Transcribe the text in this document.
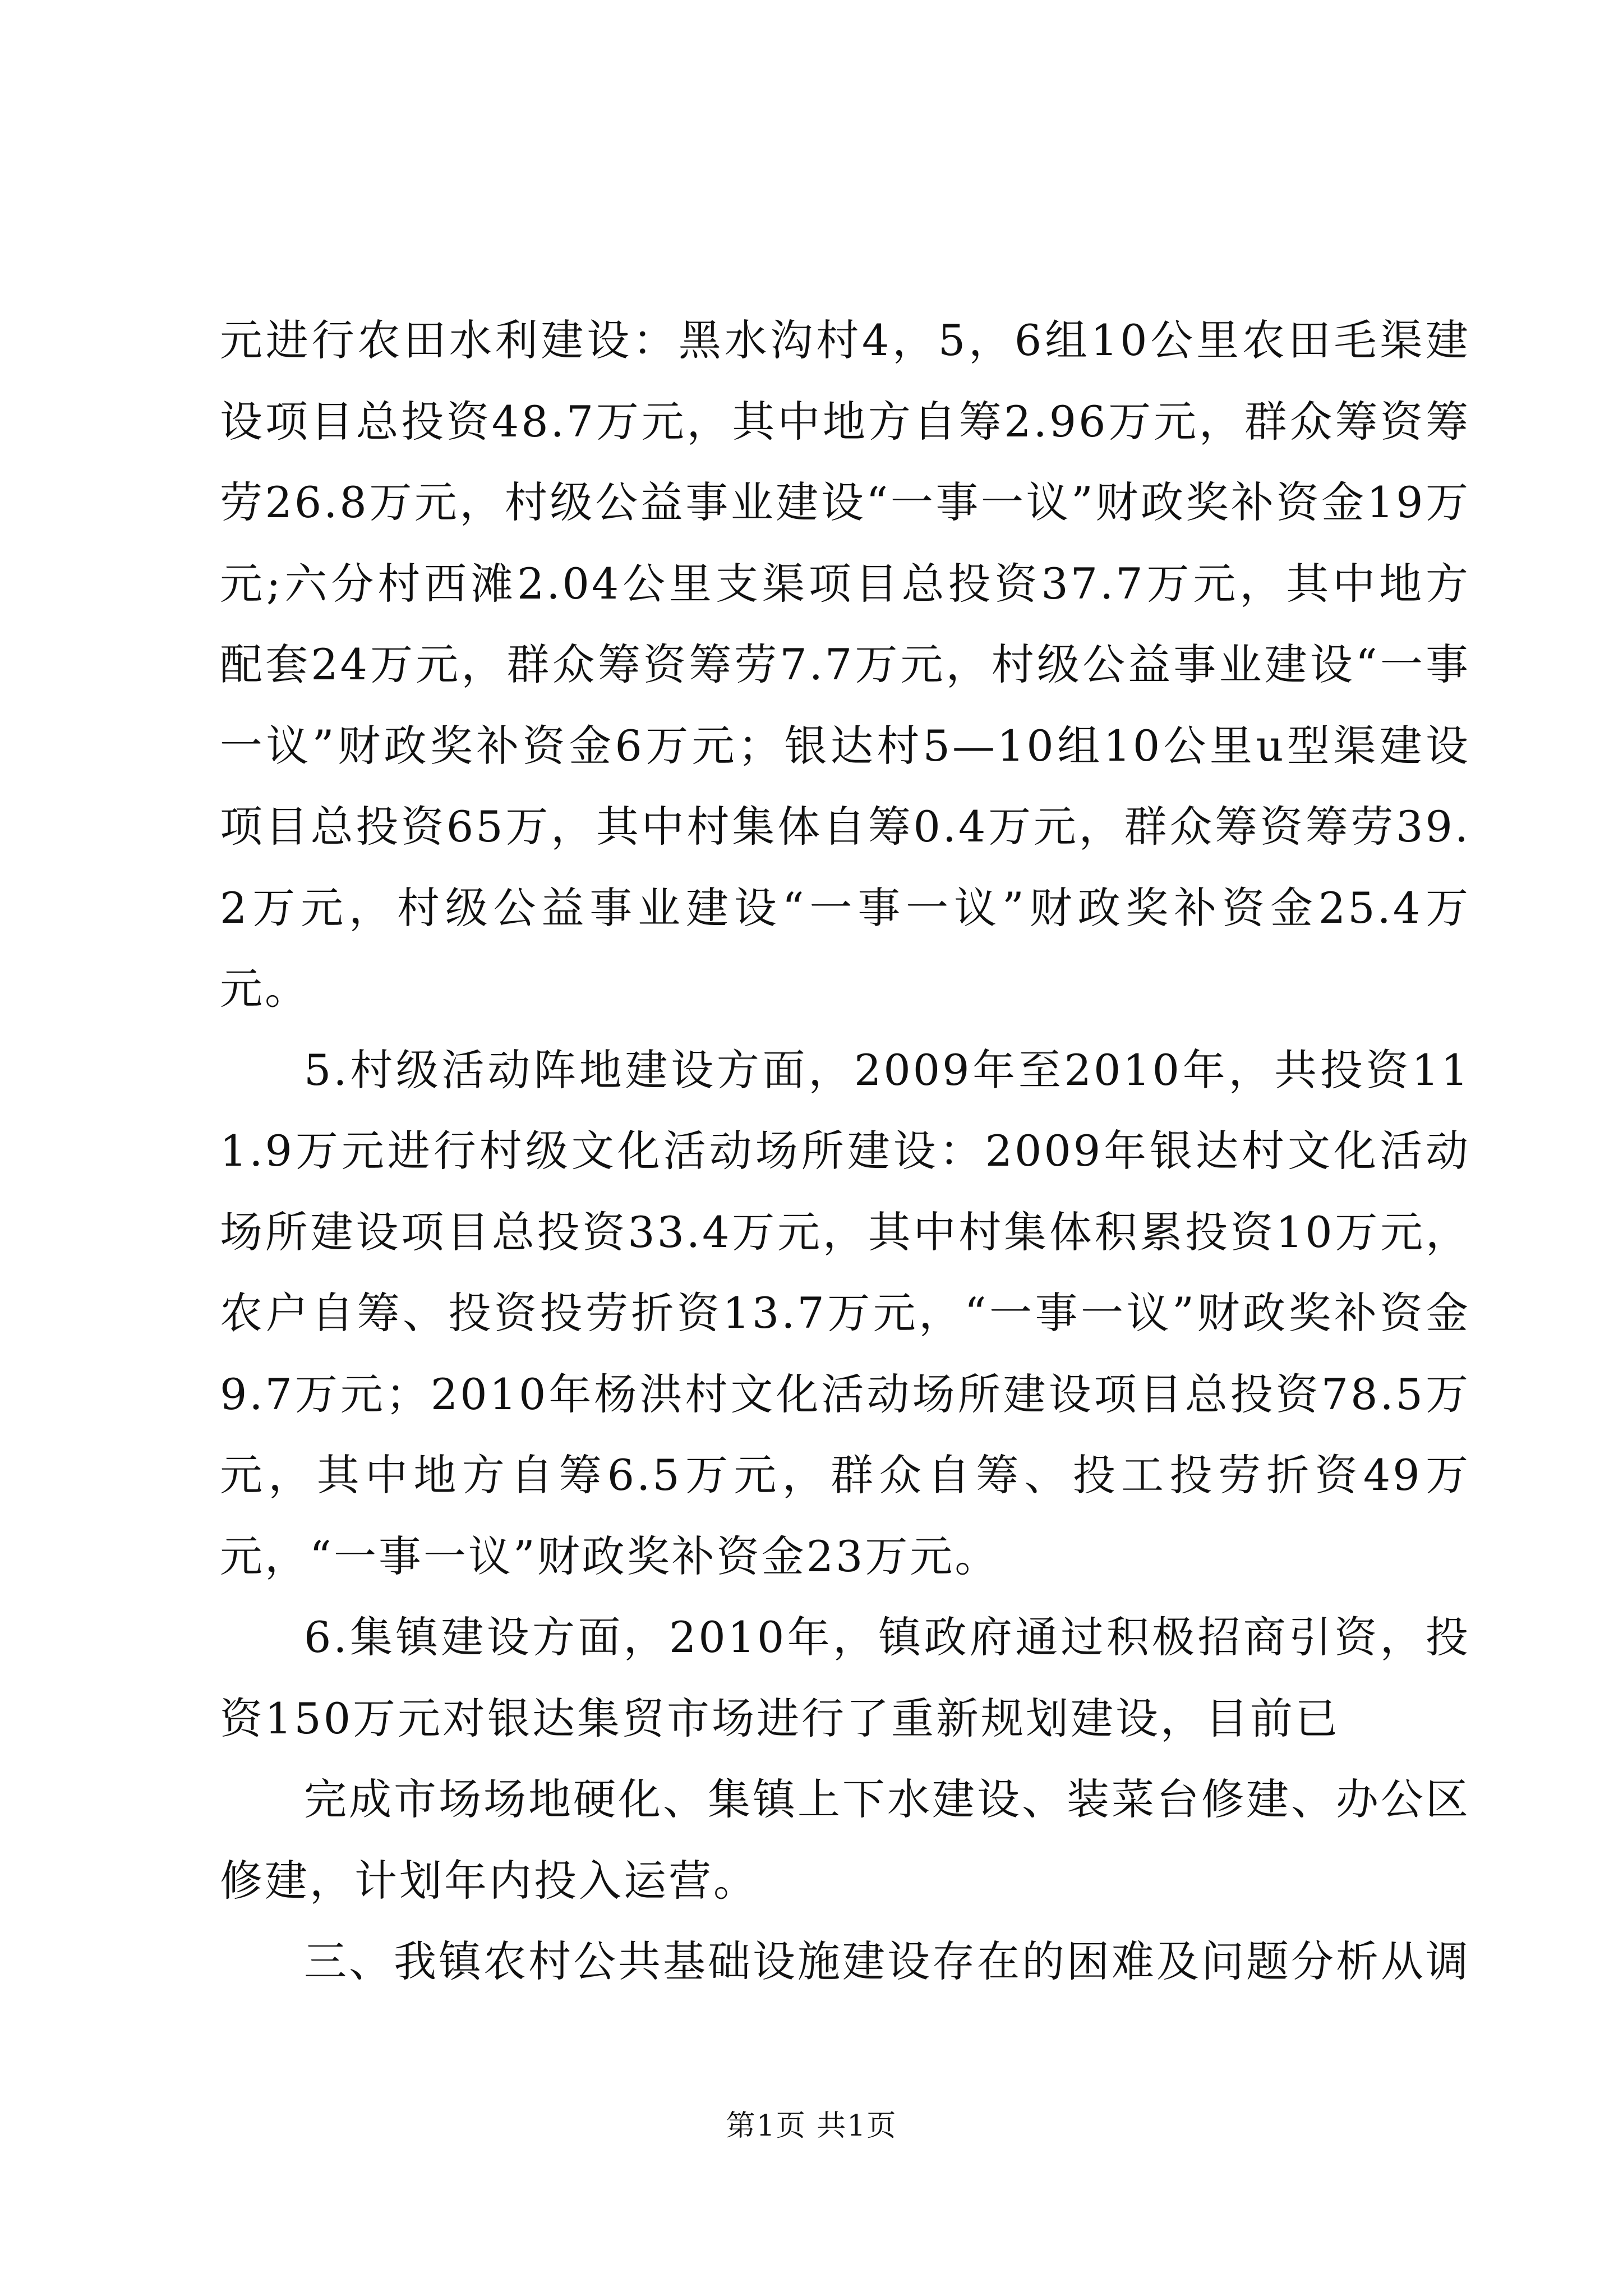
元进行农田水利建设：黑水沟村4，5，6组10公里农田毛渠建设项目总投资48.7万元，其中地方自筹2.96万元，群众筹资筹劳26.8万元，村级公益事业建设“一事一议”财政奖补资金19万元;六分村西滩2.04公里支渠项目总投资37.7万元，其中地方配套24万元，群众筹资筹劳7.7万元，村级公益事业建设“一事一议”财政奖补资金6万元；银达村5—10组10公里u型渠建设项目总投资65万，其中村集体自筹0.4万元，群众筹资筹劳39.2万元，村级公益事业建设“一事一议”财政奖补资金25.4万元。

5.村级活动阵地建设方面，2009年至2010年，共投资111.9万元进行村级文化活动场所建设：2009年银达村文化活动场所建设项目总投资33.4万元，其中村集体积累投资10万元，农户自筹、投资投劳折资13.7万元，“一事一议”财政奖补资金9.7万元；2010年杨洪村文化活动场所建设项目总投资78.5万元，其中地方自筹6.5万元，群众自筹、投工投劳折资49万元，“一事一议”财政奖补资金23万元。

6.集镇建设方面，2010年，镇政府通过积极招商引资，投资150万元对银达集贸市场进行了重新规划建设，目前已

完成市场场地硬化、集镇上下水建设、装菜台修建、办公区修建，计划年内投入运营。

三、我镇农村公共基础设施建设存在的困难及问题分析从调

第1页 共1页
